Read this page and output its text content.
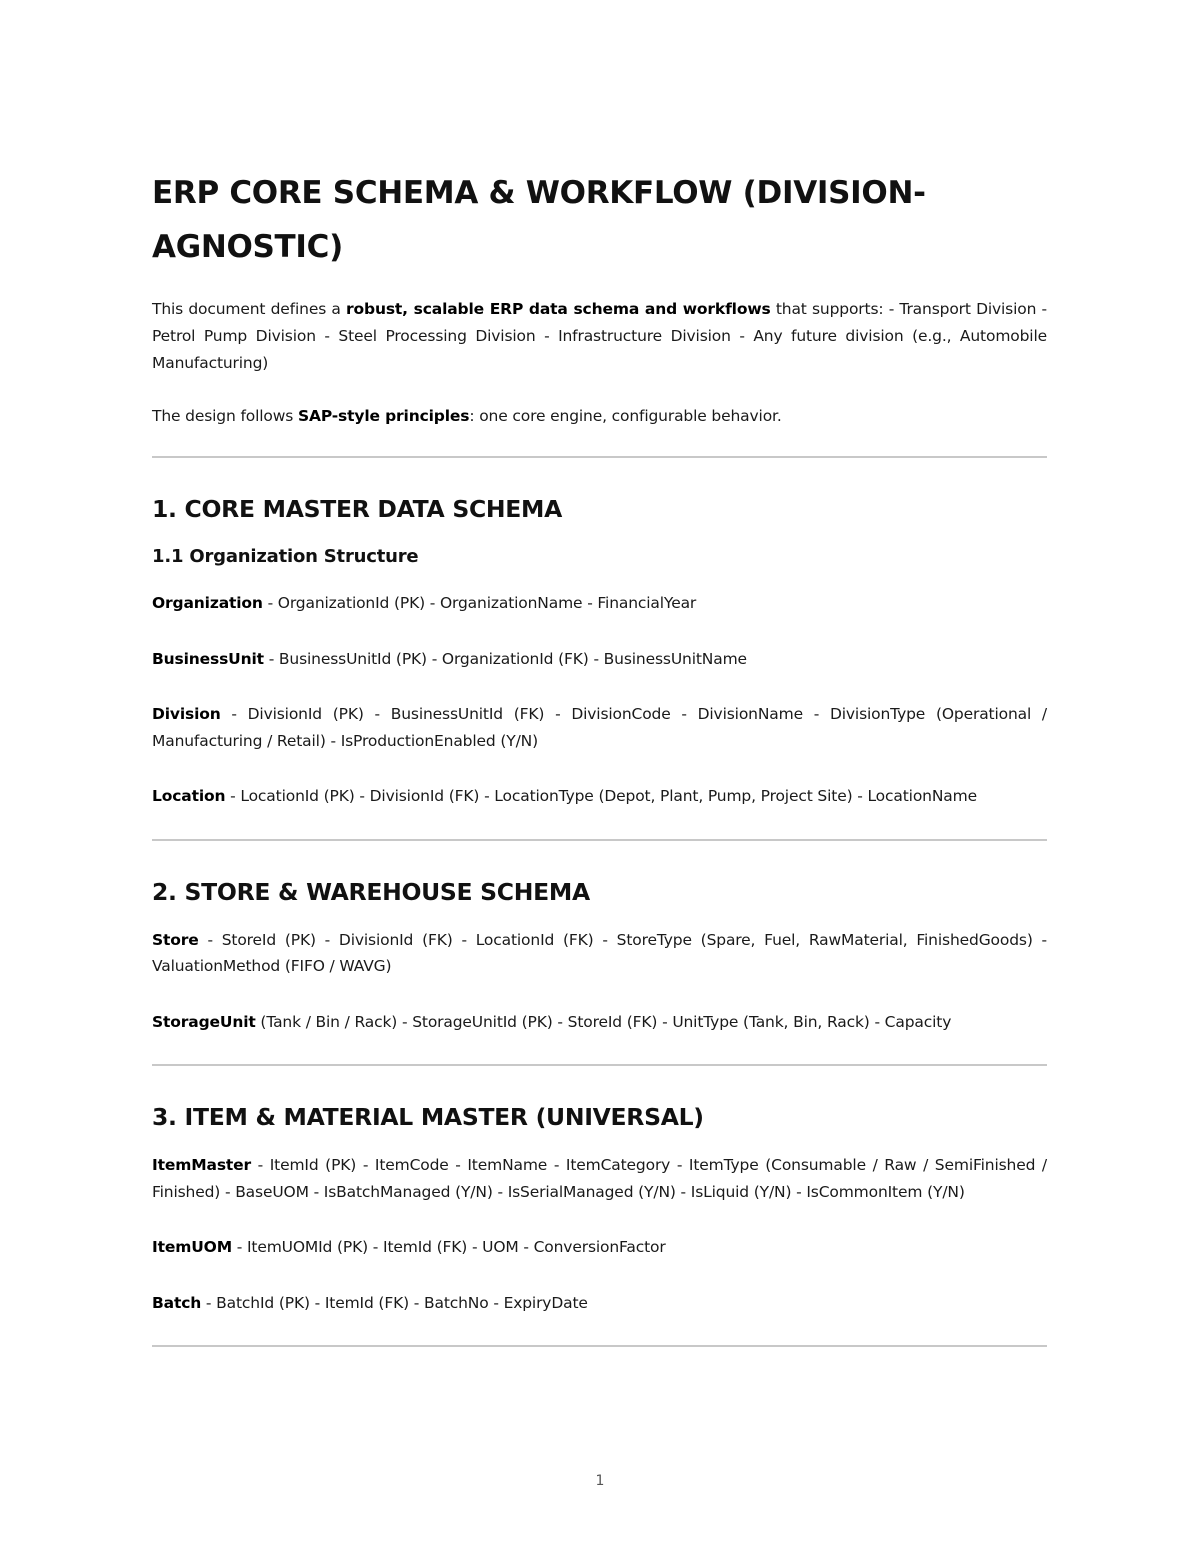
ERP CORE SCHEMA & WORKFLOW (DIVISION-AGNOSTIC)

This document defines a robust, scalable ERP data schema and workflows that supports: - Transport Division - Petrol Pump Division - Steel Processing Division - Infrastructure Division - Any future division (e.g., Automobile Manufacturing)

The design follows SAP-style principles: one core engine, configurable behavior.

1. CORE MASTER DATA SCHEMA
1.1 Organization Structure

Organization - OrganizationId (PK) - OrganizationName - FinancialYear

BusinessUnit - BusinessUnitId (PK) - OrganizationId (FK) - BusinessUnitName

Division - DivisionId (PK) - BusinessUnitId (FK) - DivisionCode - DivisionName - DivisionType (Operational / Manufacturing / Retail) - IsProductionEnabled (Y/N)

Location - LocationId (PK) - DivisionId (FK) - LocationType (Depot, Plant, Pump, Project Site) - LocationName

2. STORE & WAREHOUSE SCHEMA

Store - StoreId (PK) - DivisionId (FK) - LocationId (FK) - StoreType (Spare, Fuel, RawMaterial, FinishedGoods) - ValuationMethod (FIFO / WAVG)

StorageUnit (Tank / Bin / Rack) - StorageUnitId (PK) - StoreId (FK) - UnitType (Tank, Bin, Rack) - Capacity

3. ITEM & MATERIAL MASTER (UNIVERSAL)

ItemMaster - ItemId (PK) - ItemCode - ItemName - ItemCategory - ItemType (Consumable / Raw / SemiFinished / Finished) - BaseUOM - IsBatchManaged (Y/N) - IsSerialManaged (Y/N) - IsLiquid (Y/N) - IsCommonItem (Y/N)

ItemUOM - ItemUOMId (PK) - ItemId (FK) - UOM - ConversionFactor

Batch - BatchId (PK) - ItemId (FK) - BatchNo - ExpiryDate

1
